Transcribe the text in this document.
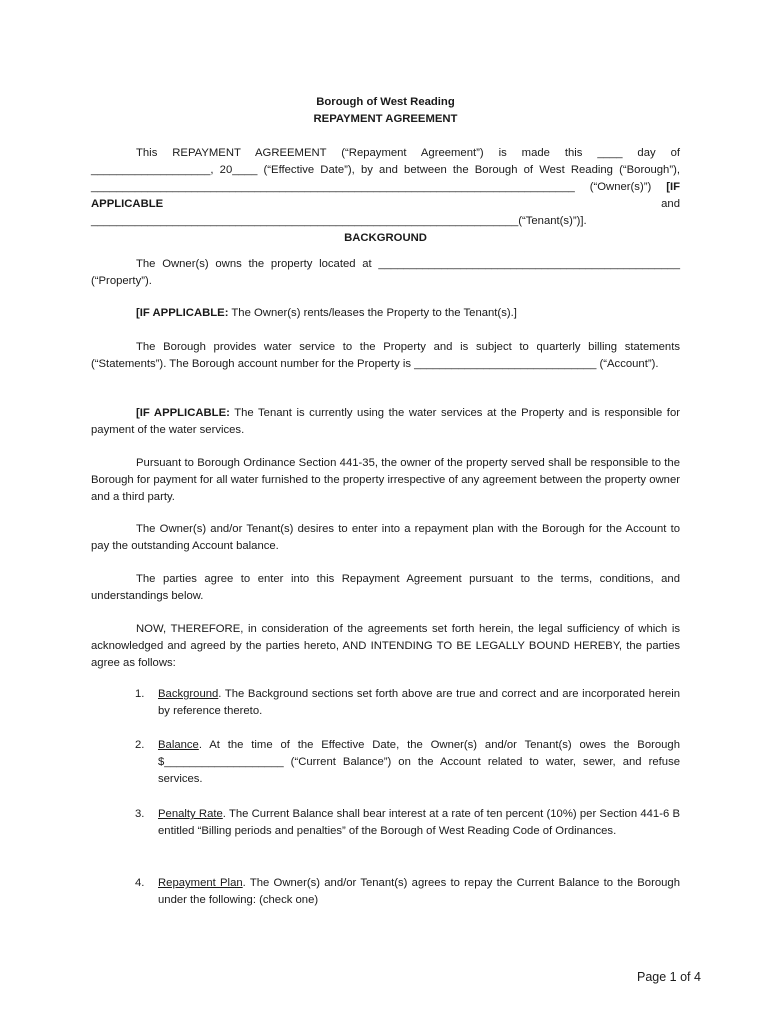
Borough of West Reading
REPAYMENT AGREEMENT
This REPAYMENT AGREEMENT (“Repayment Agreement”) is made this ____ day of ___________________, 20____ (“Effective Date”), by and between the Borough of West Reading (“Borough”), _____________________________________________________________________________ (“Owner(s)”) [IF APPLICABLE and ____________________________________________________________________(“Tenant(s)”)].
BACKGROUND
The Owner(s) owns the property located at ________________________________________________ (“Property”).
[IF APPLICABLE: The Owner(s) rents/leases the Property to the Tenant(s).]
The Borough provides water service to the Property and is subject to quarterly billing statements (“Statements”). The Borough account number for the Property is _____________________________ (“Account”).
[IF APPLICABLE: The Tenant is currently using the water services at the Property and is responsible for payment of the water services.
Pursuant to Borough Ordinance Section 441-35, the owner of the property served shall be responsible to the Borough for payment for all water furnished to the property irrespective of any agreement between the property owner and a third party.
The Owner(s) and/or Tenant(s) desires to enter into a repayment plan with the Borough for the Account to pay the outstanding Account balance.
The parties agree to enter into this Repayment Agreement pursuant to the terms, conditions, and understandings below.
NOW, THEREFORE, in consideration of the agreements set forth herein, the legal sufficiency of which is acknowledged and agreed by the parties hereto, AND INTENDING TO BE LEGALLY BOUND HEREBY, the parties agree as follows:
1. Background. The Background sections set forth above are true and correct and are incorporated herein by reference thereto.
2. Balance. At the time of the Effective Date, the Owner(s) and/or Tenant(s) owes the Borough $___________________ (“Current Balance”) on the Account related to water, sewer, and refuse services.
3. Penalty Rate. The Current Balance shall bear interest at a rate of ten percent (10%) per Section 441-6 B entitled “Billing periods and penalties” of the Borough of West Reading Code of Ordinances.
4. Repayment Plan. The Owner(s) and/or Tenant(s) agrees to repay the Current Balance to the Borough under the following: (check one)
Page 1 of 4
